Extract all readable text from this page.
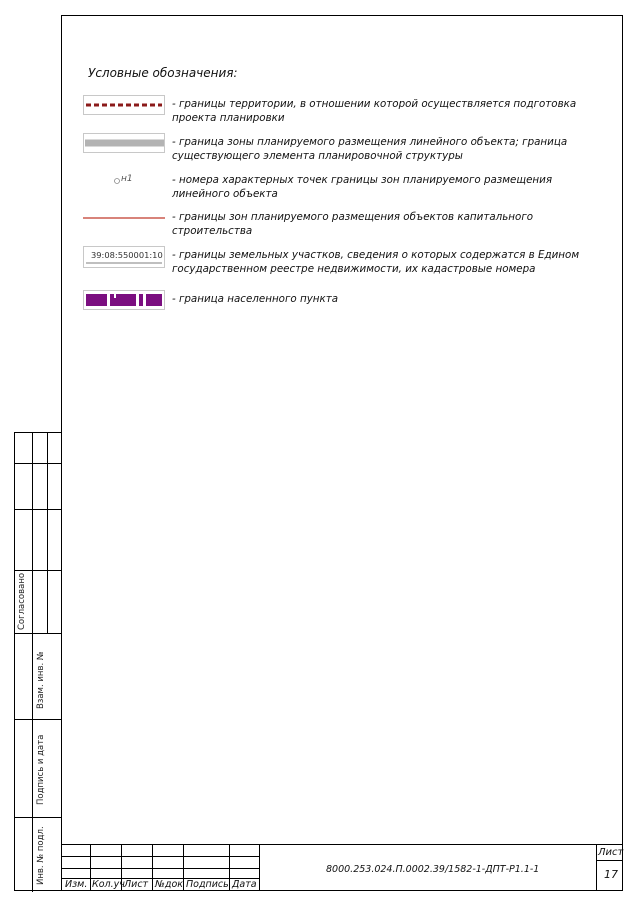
Условные обозначения:
- границы территории, в отношении которой осуществляется подготовка проекта планировки
- граница зоны планируемого размещения линейного объекта; граница существующего элемента планировочной структуры
н1	- номера характерных точек границы зон планируемого размещения линейного объекта
- границы зон планируемого размещения объектов капитального строительства
39:08:550001:10 - границы земельных участков, сведения о которых содержатся в Едином государственном реестре недвижимости, их кадастровые номера
- граница населенного пункта
Согласовано
Взам. инв. №
Подпись и дата
Инв. № подл. Изм. Кол.уч Лист №док Подпись Дата
8000.253.024.П.0002.39/1582-1-ДПТ-Р1.1-1
Лист
17
